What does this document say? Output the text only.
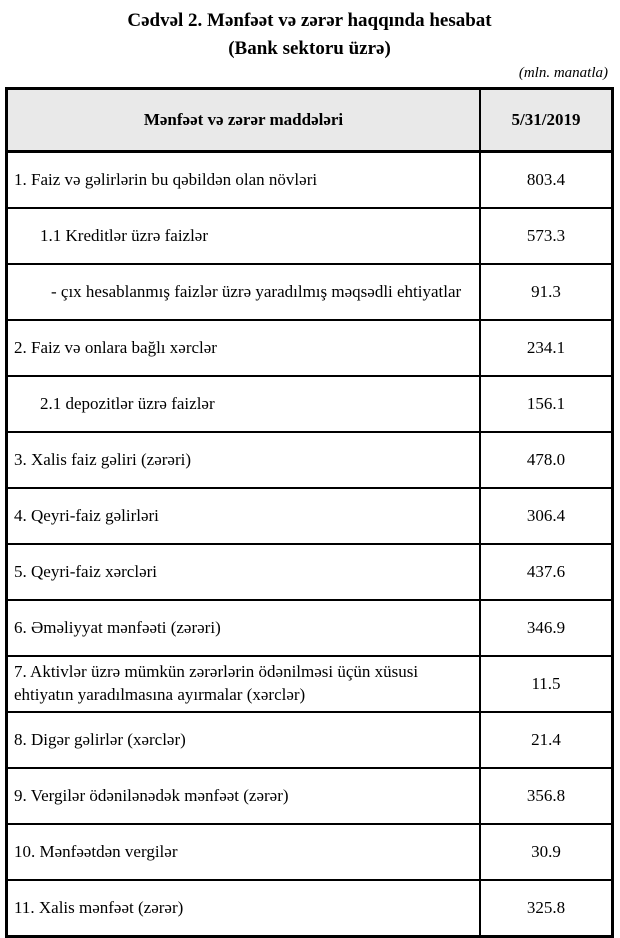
Cədvəl 2. Mənfəət və zərər haqqında hesabat
(Bank sektoru üzrə)
(mln. manatla)
Mənfəət və zərər maddələri	5/31/2019
1. Faiz və gəlirlərin bu qəbildən olan növləri	803.4
1.1 Kreditlər üzrə faizlər	573.3
- çıx hesablanmış faizlər üzrə yaradılmış məqsədli ehtiyatlar	91.3
2. Faiz və onlara bağlı xərclər	234.1
2.1 depozitlər üzrə faizlər	156.1
3. Xalis faiz gəliri (zərəri)	478.0
4. Qeyri-faiz gəlirləri	306.4
5. Qeyri-faiz xərcləri	437.6
6. Əməliyyat mənfəəti (zərəri)	346.9
7. Aktivlər üzrə mümkün zərərlərin ödənilməsi üçün xüsusi ehtiyatın yaradılmasına ayırmalar (xərclər)	11.5
8. Digər gəlirlər (xərclər)	21.4
9. Vergilər ödənilənədək mənfəət (zərər)	356.8
10. Mənfəətdən vergilər	30.9
11. Xalis mənfəət (zərər)	325.8
